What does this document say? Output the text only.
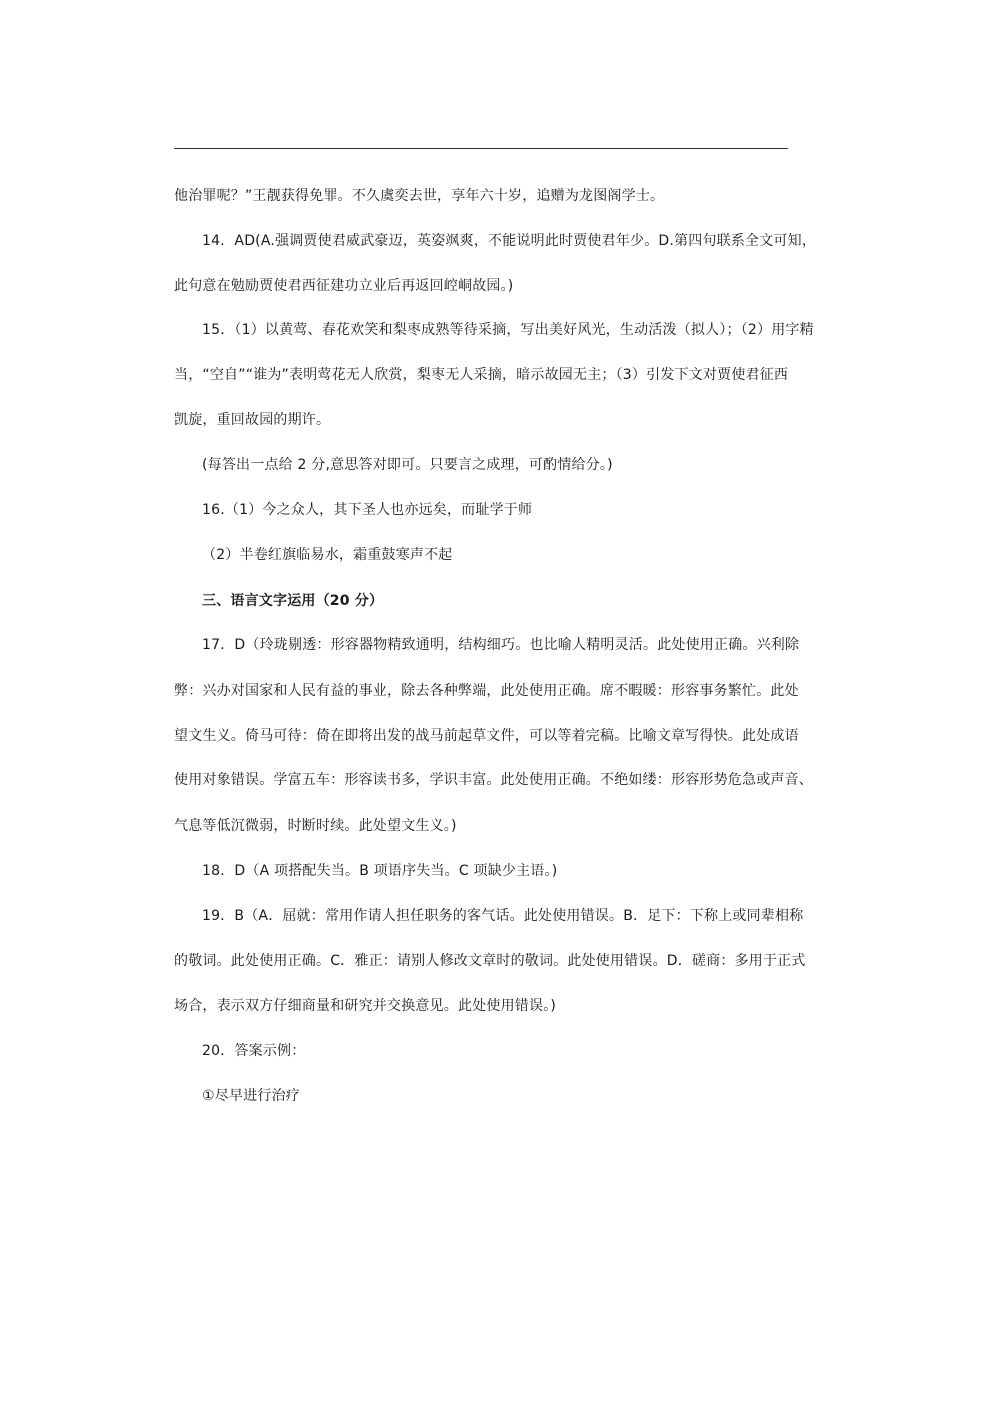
他治罪呢？”王靓获得免罪。不久虞奕去世，享年六十岁，追赠为龙图阁学士。
14．AD(A.强调贾使君威武豪迈，英姿飒爽，不能说明此时贾使君年少。D.第四句联系全文可知，
此句意在勉励贾使君西征建功立业后再返回崆峒故园。)
15．（1）以黄莺、春花欢笑和梨枣成熟等待采摘，写出美好风光，生动活泼（拟人）；（2）用字精
当，“空自”“谁为”表明莺花无人欣赏，梨枣无人采摘，暗示故园无主；（3）引发下文对贾使君征西
凯旋，重回故园的期许。
(每答出一点给 2 分,意思答对即可。只要言之成理，可酌情给分。)
16.（1）今之众人，其下圣人也亦远矣，而耻学于师
（2）半卷红旗临易水，霜重鼓寒声不起
三、语言文字运用（20 分）
17．D（玲珑剔透：形容器物精致通明，结构细巧。也比喻人精明灵活。此处使用正确。兴利除
弊：兴办对国家和人民有益的事业，除去各种弊端，此处使用正确。席不暇暖：形容事务繁忙。此处
望文生义。倚马可待：倚在即将出发的战马前起草文件，可以等着完稿。比喻文章写得快。此处成语
使用对象错误。学富五车：形容读书多，学识丰富。此处使用正确。不绝如缕：形容形势危急或声音、
气息等低沉微弱，时断时续。此处望文生义。)
18．D（A 项搭配失当。B 项语序失当。C 项缺少主语。)
19．B（A．屈就：常用作请人担任职务的客气话。此处使用错误。B．足下：下称上或同辈相称
的敬词。此处使用正确。C．雅正：请别人修改文章时的敬词。此处使用错误。D．磋商：多用于正式
场合，表示双方仔细商量和研究并交换意见。此处使用错误。)
20．答案示例：
①尽早进行治疗
